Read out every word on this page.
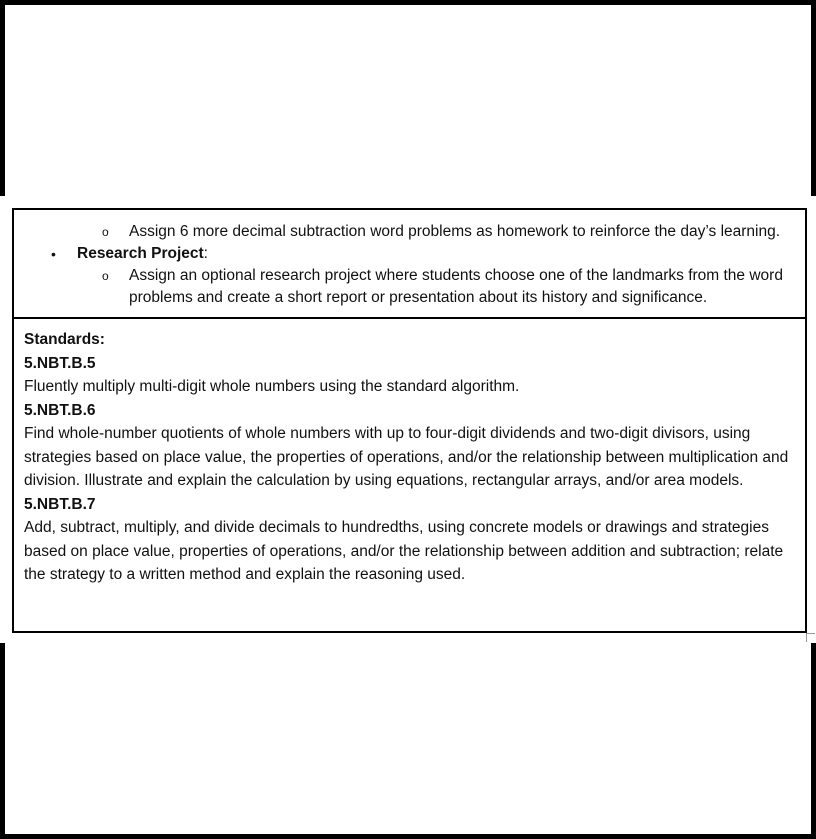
o Assign 6 more decimal subtraction word problems as homework to reinforce the day’s learning.
• Research Project:
o Assign an optional research project where students choose one of the landmarks from the word problems and create a short report or presentation about its history and significance.
Standards:
5.NBT.B.5
Fluently multiply multi-digit whole numbers using the standard algorithm.
5.NBT.B.6
Find whole-number quotients of whole numbers with up to four-digit dividends and two-digit divisors, using strategies based on place value, the properties of operations, and/or the relationship between multiplication and division. Illustrate and explain the calculation by using equations, rectangular arrays, and/or area models.
5.NBT.B.7
Add, subtract, multiply, and divide decimals to hundredths, using concrete models or drawings and strategies based on place value, properties of operations, and/or the relationship between addition and subtraction; relate the strategy to a written method and explain the reasoning used.
